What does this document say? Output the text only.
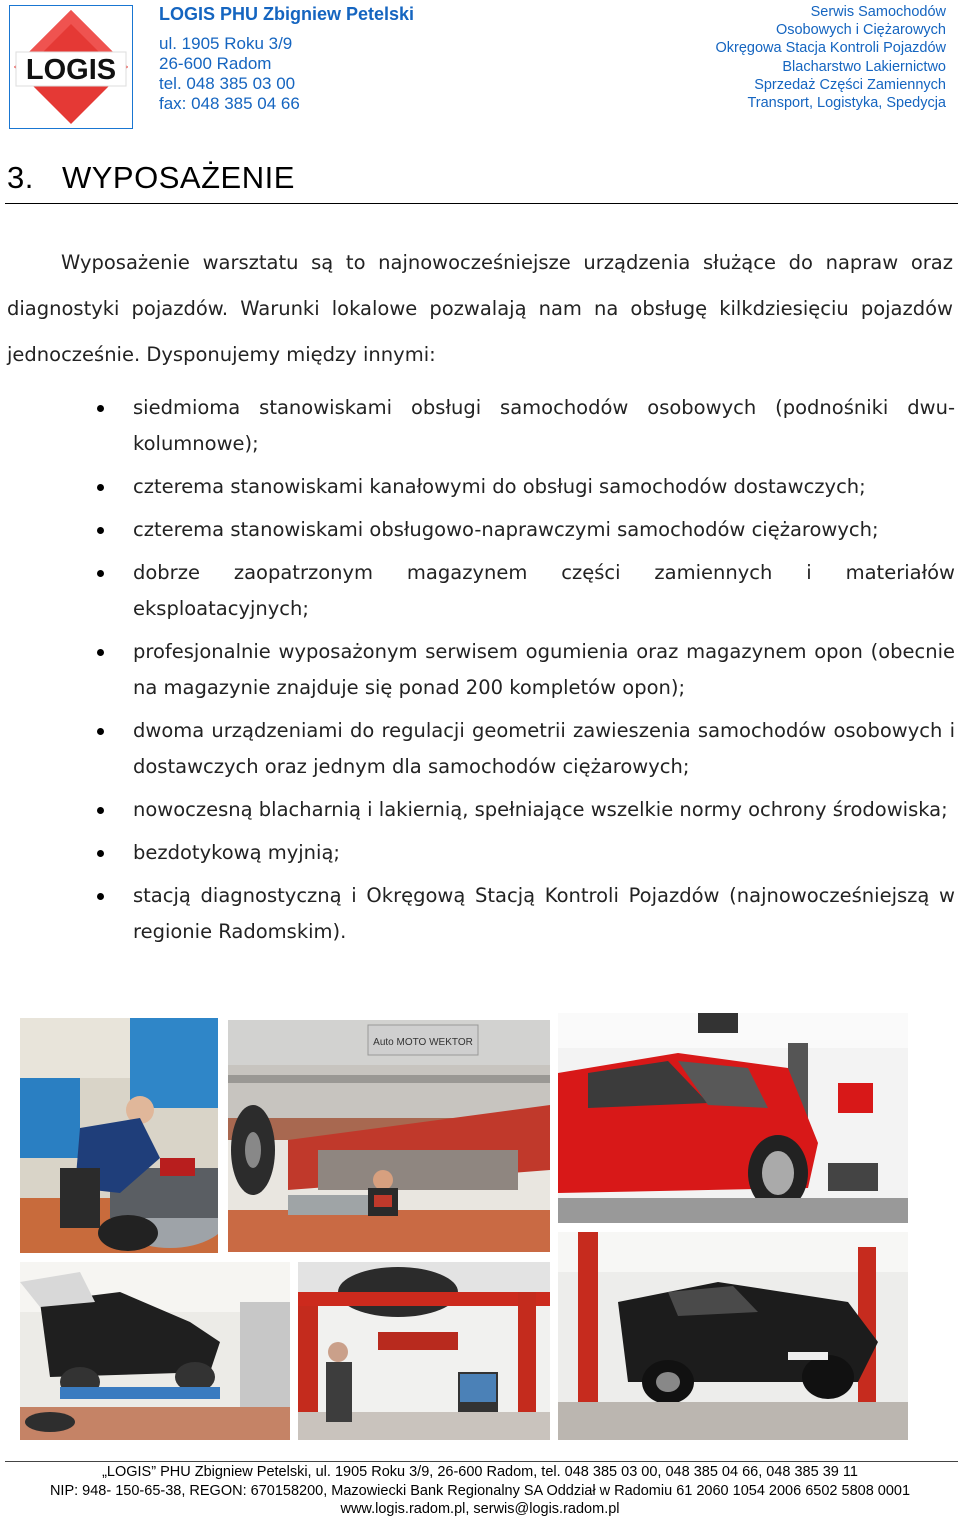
LOGIS
LOGIS PHU Zbigniew Petelski
ul. 1905 Roku 3/9
26-600 Radom
tel. 048 385 03 00
fax: 048 385 04 66
Serwis Samochodów
Osobowych i Ciężarowych
Okręgowa Stacja Kontroli Pojazdów
Blacharstwo Lakiernictwo
Sprzedaż Części Zamiennych
Transport, Logistyka, Spedycja
3. WYPOSAŻENIE
Wyposażenie warsztatu są to najnowocześniejsze urządzenia służące do napraw oraz diagnostyki pojazdów. Warunki lokalowe pozwalają nam na obsługę kilkdziesięciu pojazdów jednocześnie. Dysponujemy między innymi:
siedmioma stanowiskami obsługi samochodów osobowych (podnośniki dwu-kolumnowe);
czterema stanowiskami kanałowymi do obsługi samochodów dostawczych;
czterema stanowiskami obsługowo-naprawczymi samochodów ciężarowych;
dobrze zaopatrzonym magazynem części zamiennych i materiałów eksploatacyjnych;
profesjonalnie wyposażonym serwisem ogumienia oraz magazynem opon (obecnie na magazynie znajduje się ponad 200 kompletów opon);
dwoma urządzeniami do regulacji geometrii zawieszenia samochodów osobowych i dostawczych oraz jednym dla samochodów ciężarowych;
nowoczesną blacharnią i lakiernią, spełniające wszelkie normy ochrony środowiska;
bezdotykową myjnią;
stacją diagnostyczną i Okręgową Stacją Kontroli Pojazdów (najnowocześniejszą w regionie Radomskim).
Auto MOTO WEKTOR
„LOGIS” PHU Zbigniew Petelski, ul. 1905 Roku 3/9, 26-600 Radom, tel. 048 385 03 00, 048 385 04 66, 048 385 39 11
NIP: 948- 150-65-38, REGON: 670158200, Mazowiecki Bank Regionalny SA Oddział w Radomiu 61 2060 1054 2006 6502 5808 0001
www.logis.radom.pl, serwis@logis.radom.pl
